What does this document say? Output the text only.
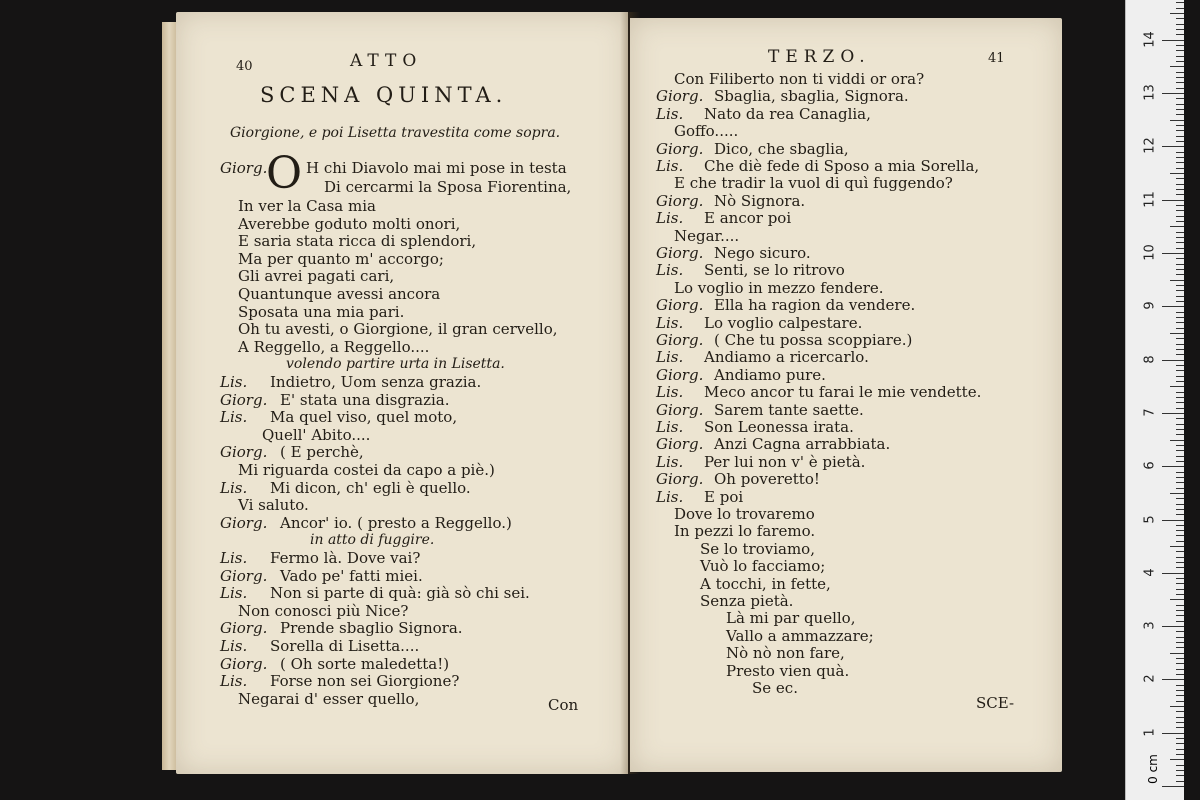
40	ATTO
SCENA QUINTA.
Giorgione, e poi Lisetta travestita come sopra.
Giorg.
O H chi Diavolo mai mi pose in testa
Di cercarmi la Sposa Fiorentina,
In ver la Casa mia
Averebbe goduto molti onori,
E saria stata ricca di splendori,
Ma per quanto m' accorgo;
Gli avrei pagati cari,
Quantunque avessi ancora
Sposata una mia pari.
Oh tu avesti, o Giorgione, il gran cervello,
A Reggello, a Reggello....
volendo partire urta in Lisetta.
Lis. Indietro, Uom senza grazia.
Giorg. E' stata una disgrazia.
Lis. Ma quel viso, quel moto,
Quell' Abito....
Giorg. ( E perchè,
Mi riguarda costei da capo a piè.)
Lis. Mi dicon, ch' egli è quello.
Vi saluto.
Giorg. Ancor' io. ( presto a Reggello.)
in atto di fuggire.
Lis. Fermo là. Dove vai?
Giorg. Vado pe' fatti miei.
Lis. Non si parte di quà: già sò chi sei.
Non conosci più Nice?
Giorg. Prende sbaglio Signora.
Lis. Sorella di Lisetta....
Giorg. ( Oh sorte maledetta!)
Lis. Forse non sei Giorgione?
Negarai d' esser quello,	Con
TERZO.	41
Con Filiberto non ti viddi or ora?
Giorg. Sbaglia, sbaglia, Signora.
Lis. Nato da rea Canaglia,
Goffo.....
Giorg. Dico, che sbaglia,
Lis. Che diè fede di Sposo a mia Sorella,
E che tradir la vuol di quì fuggendo?
Giorg. Nò Signora.
Lis. E ancor poi
Negar....
Giorg. Nego sicuro.
Lis. Senti, se lo ritrovo
Lo voglio in mezzo fendere.
Giorg. Ella ha ragion da vendere.
Lis. Lo voglio calpestare.
Giorg. ( Che tu possa scoppiare.)
Lis. Andiamo a ricercarlo.
Giorg. Andiamo pure.
Lis. Meco ancor tu farai le mie vendette.
Giorg. Sarem tante saette.
Lis. Son Leonessa irata.
Giorg. Anzi Cagna arrabbiata.
Lis. Per lui non v' è pietà.
Giorg. Oh poveretto!
Lis. E poi
Dove lo trovaremo
In pezzi lo faremo.
Se lo troviamo,
Vuò lo facciamo;
A tocchi, in fette,
Senza pietà.
Là mi par quello,
Vallo a ammazzare;
Nò nò non fare,
Presto vien quà.
Se ec.
SCE-
14
13
12
11
10
9
8
7
6
5
4
3
2
1
0 cm
